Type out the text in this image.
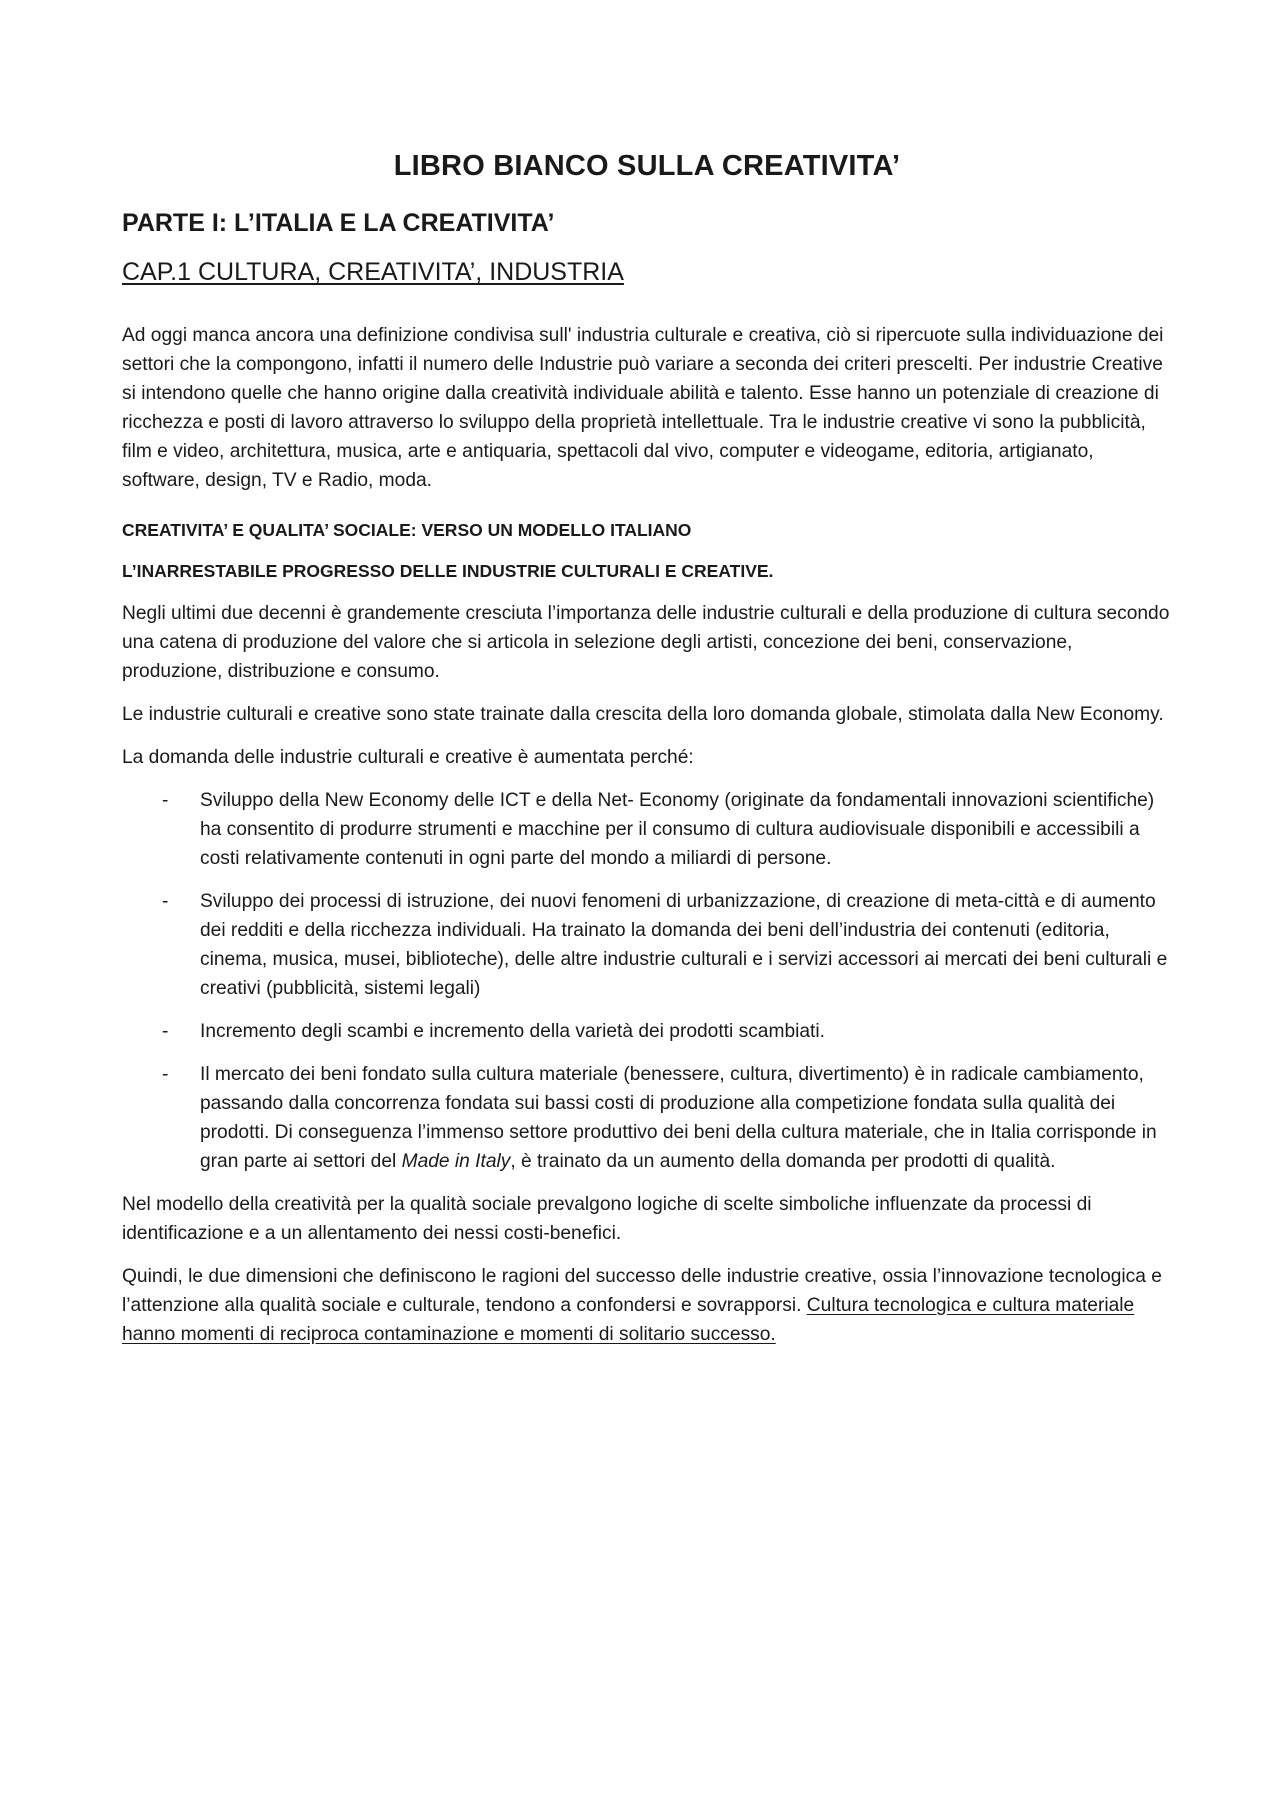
LIBRO BIANCO SULLA CREATIVITA’
PARTE I: L’ITALIA E LA CREATIVITA’
CAP.1 CULTURA, CREATIVITA’, INDUSTRIA

Ad oggi manca ancora una definizione condivisa sull' industria culturale e creativa, ciò si ripercuote sulla individuazione dei settori che la compongono, infatti il numero delle Industrie può variare a seconda dei criteri prescelti. Per industrie Creative si intendono quelle che hanno origine dalla creatività individuale abilità e talento. Esse hanno un potenziale di creazione di ricchezza e posti di lavoro attraverso lo sviluppo della proprietà intellettuale. Tra le industrie creative vi sono la pubblicità, film e video, architettura, musica, arte e antiquaria, spettacoli dal vivo, computer e videogame, editoria, artigianato, software, design, TV e Radio, moda.

CREATIVITA’ E QUALITA’ SOCIALE: VERSO UN MODELLO ITALIANO
L’INARRESTABILE PROGRESSO DELLE INDUSTRIE CULTURALI E CREATIVE.

Negli ultimi due decenni è grandemente cresciuta l’importanza delle industrie culturali e della produzione di cultura secondo una catena di produzione del valore che si articola in selezione degli artisti, concezione dei beni, conservazione, produzione, distribuzione e consumo.

Le industrie culturali e creative sono state trainate dalla crescita della loro domanda globale, stimolata dalla New Economy.

La domanda delle industrie culturali e creative è aumentata perché:

- Sviluppo della New Economy delle ICT e della Net- Economy (originate da fondamentali innovazioni scientifiche) ha consentito di produrre strumenti e macchine per il consumo di cultura audiovisuale disponibili e accessibili a costi relativamente contenuti in ogni parte del mondo a miliardi di persone.
- Sviluppo dei processi di istruzione, dei nuovi fenomeni di urbanizzazione, di creazione di meta-città e di aumento dei redditi e della ricchezza individuali. Ha trainato la domanda dei beni dell’industria dei contenuti (editoria, cinema, musica, musei, biblioteche), delle altre industrie culturali e i servizi accessori ai mercati dei beni culturali e creativi (pubblicità, sistemi legali)
- Incremento degli scambi e incremento della varietà dei prodotti scambiati.
- Il mercato dei beni fondato sulla cultura materiale (benessere, cultura, divertimento) è in radicale cambiamento, passando dalla concorrenza fondata sui bassi costi di produzione alla competizione fondata sulla qualità dei prodotti. Di conseguenza l’immenso settore produttivo dei beni della cultura materiale, che in Italia corrisponde in gran parte ai settori del Made in Italy, è trainato da un aumento della domanda per prodotti di qualità.

Nel modello della creatività per la qualità sociale prevalgono logiche di scelte simboliche influenzate da processi di identificazione e a un allentamento dei nessi costi-benefici.

Quindi, le due dimensioni che definiscono le ragioni del successo delle industrie creative, ossia l’innovazione tecnologica e l’attenzione alla qualità sociale e culturale, tendono a confondersi e sovrapporsi. Cultura tecnologica e cultura materiale hanno momenti di reciproca contaminazione e momenti di solitario successo.
